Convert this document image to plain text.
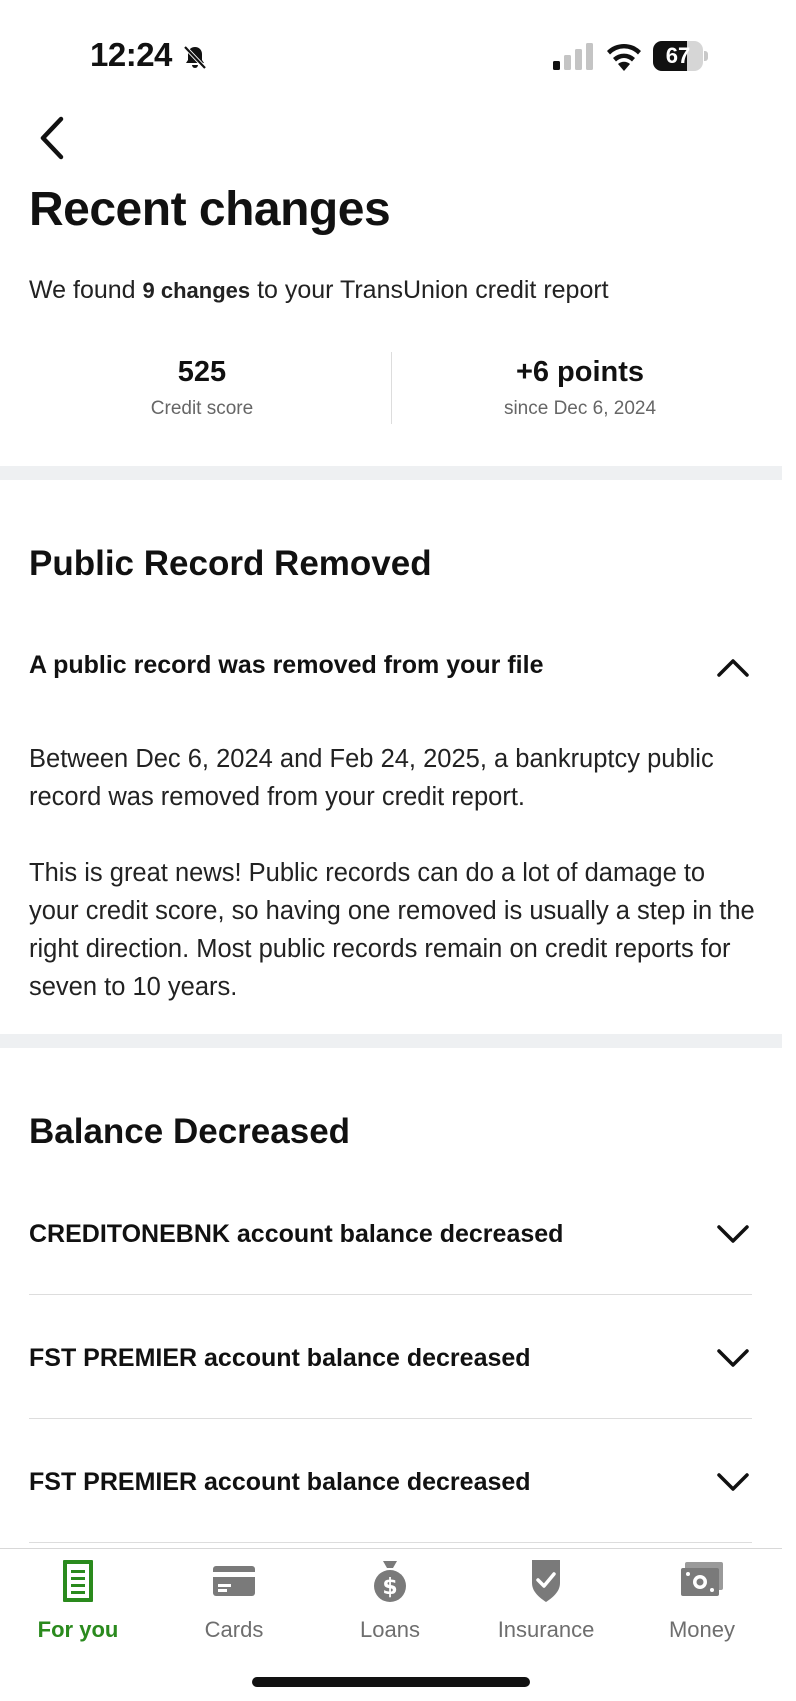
12:24	67
Recent changes
We found 9 changes to your TransUnion credit report
525
Credit score
+6 points
since Dec 6, 2024
Public Record Removed
A public record was removed from your file

Between Dec 6, 2024 and Feb 24, 2025, a bankruptcy public record was removed from your credit report.

This is great news! Public records can do a lot of damage to your credit score, so having one removed is usually a step in the right direction. Most public records remain on credit reports for seven to 10 years.

Balance Decreased
CREDITONEBNK account balance decreased
FST PREMIER account balance decreased
FST PREMIER account balance decreased
For you	Cards
$
Loans	Insurance	Money
